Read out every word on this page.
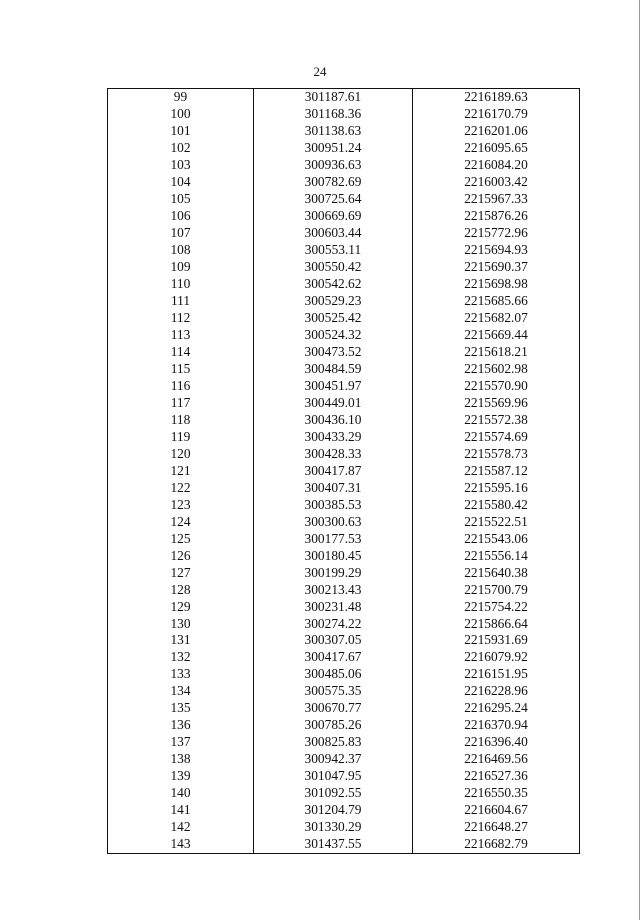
24
99	301187.61	2216189.63
100	301168.36	2216170.79
101	301138.63	2216201.06
102	300951.24	2216095.65
103	300936.63	2216084.20
104	300782.69	2216003.42
105	300725.64	2215967.33
106	300669.69	2215876.26
107	300603.44	2215772.96
108	300553.11	2215694.93
109	300550.42	2215690.37
110	300542.62	2215698.98
111	300529.23	2215685.66
112	300525.42	2215682.07
113	300524.32	2215669.44
114	300473.52	2215618.21
115	300484.59	2215602.98
116	300451.97	2215570.90
117	300449.01	2215569.96
118	300436.10	2215572.38
119	300433.29	2215574.69
120	300428.33	2215578.73
121	300417.87	2215587.12
122	300407.31	2215595.16
123	300385.53	2215580.42
124	300300.63	2215522.51
125	300177.53	2215543.06
126	300180.45	2215556.14
127	300199.29	2215640.38
128	300213.43	2215700.79
129	300231.48	2215754.22
130	300274.22	2215866.64
131	300307.05	2215931.69
132	300417.67	2216079.92
133	300485.06	2216151.95
134	300575.35	2216228.96
135	300670.77	2216295.24
136	300785.26	2216370.94
137	300825.83	2216396.40
138	300942.37	2216469.56
139	301047.95	2216527.36
140	301092.55	2216550.35
141	301204.79	2216604.67
142	301330.29	2216648.27
143	301437.55	2216682.79
